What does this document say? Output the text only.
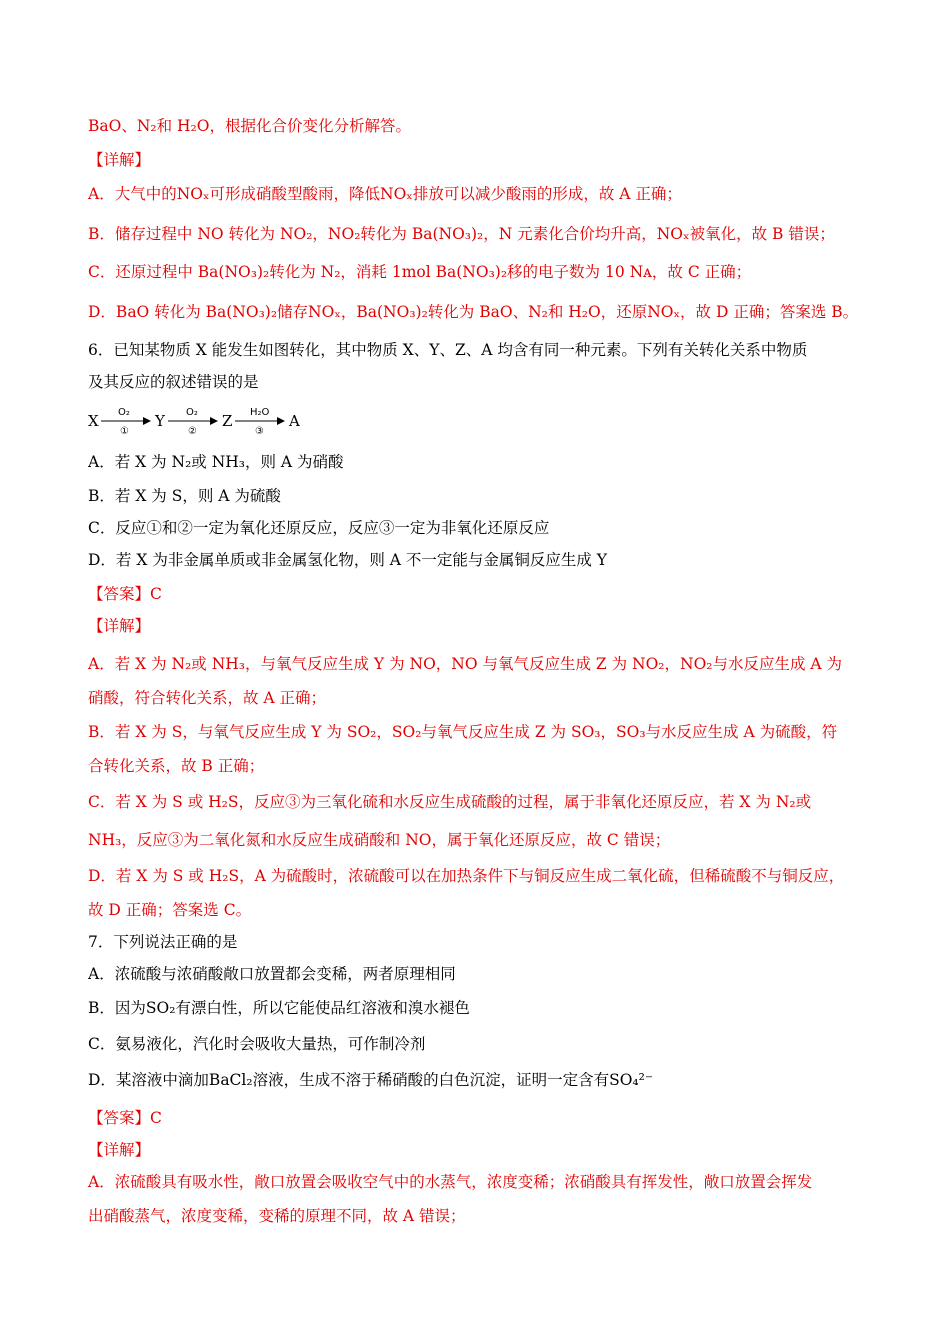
BaO、N₂和 H₂O，根据化合价变化分析解答。
【详解】
A．大气中的NOₓ可形成硝酸型酸雨，降低NOₓ排放可以减少酸雨的形成，故 A 正确；
B．储存过程中 NO 转化为 NO₂，NO₂转化为 Ba(NO₃)₂，N 元素化合价均升高，NOₓ被氧化，故 B 错误；
C．还原过程中 Ba(NO₃)₂转化为 N₂，消耗 1mol Ba(NO₃)₂移的电子数为 10 Nᴀ，故 C 正确；
D．BaO 转化为 Ba(NO₃)₂储存NOₓ，Ba(NO₃)₂转化为 BaO、N₂和 H₂O，还原NOₓ，故 D 正确；答案选 B。
6．已知某物质 X 能发生如图转化，其中物质 X、Y、Z、A 均含有同一种元素。下列有关转化关系中物质
及其反应的叙述错误的是
X O₂
①
Y O₂
②
Z H₂O
③
A
A．若 X 为 N₂或 NH₃，则 A 为硝酸
B．若 X 为 S，则 A 为硫酸
C．反应①和②一定为氧化还原反应，反应③一定为非氧化还原反应
D．若 X 为非金属单质或非金属氢化物，则 A 不一定能与金属铜反应生成 Y
【答案】C
【详解】
A．若 X 为 N₂或 NH₃，与氧气反应生成 Y 为 NO，NO 与氧气反应生成 Z 为 NO₂，NO₂与水反应生成 A 为
硝酸，符合转化关系，故 A 正确；
B．若 X 为 S，与氧气反应生成 Y 为 SO₂，SO₂与氧气反应生成 Z 为 SO₃，SO₃与水反应生成 A 为硫酸，符
合转化关系，故 B 正确；
C．若 X 为 S 或 H₂S，反应③为三氧化硫和水反应生成硫酸的过程，属于非氧化还原反应，若 X 为 N₂或
NH₃，反应③为二氧化氮和水反应生成硝酸和 NO，属于氧化还原反应，故 C 错误；
D．若 X 为 S 或 H₂S，A 为硫酸时，浓硫酸可以在加热条件下与铜反应生成二氧化硫，但稀硫酸不与铜反应，
故 D 正确；答案选 C。
7．下列说法正确的是
A．浓硫酸与浓硝酸敞口放置都会变稀，两者原理相同
B．因为SO₂有漂白性，所以它能使品红溶液和溴水褪色
C．氨易液化，汽化时会吸收大量热，可作制冷剂
D．某溶液中滴加BaCl₂溶液，生成不溶于稀硝酸的白色沉淀，证明一定含有SO₄²⁻
【答案】C
【详解】
A．浓硫酸具有吸水性，敞口放置会吸收空气中的水蒸气，浓度变稀；浓硝酸具有挥发性，敞口放置会挥发
出硝酸蒸气，浓度变稀，变稀的原理不同，故 A 错误；
